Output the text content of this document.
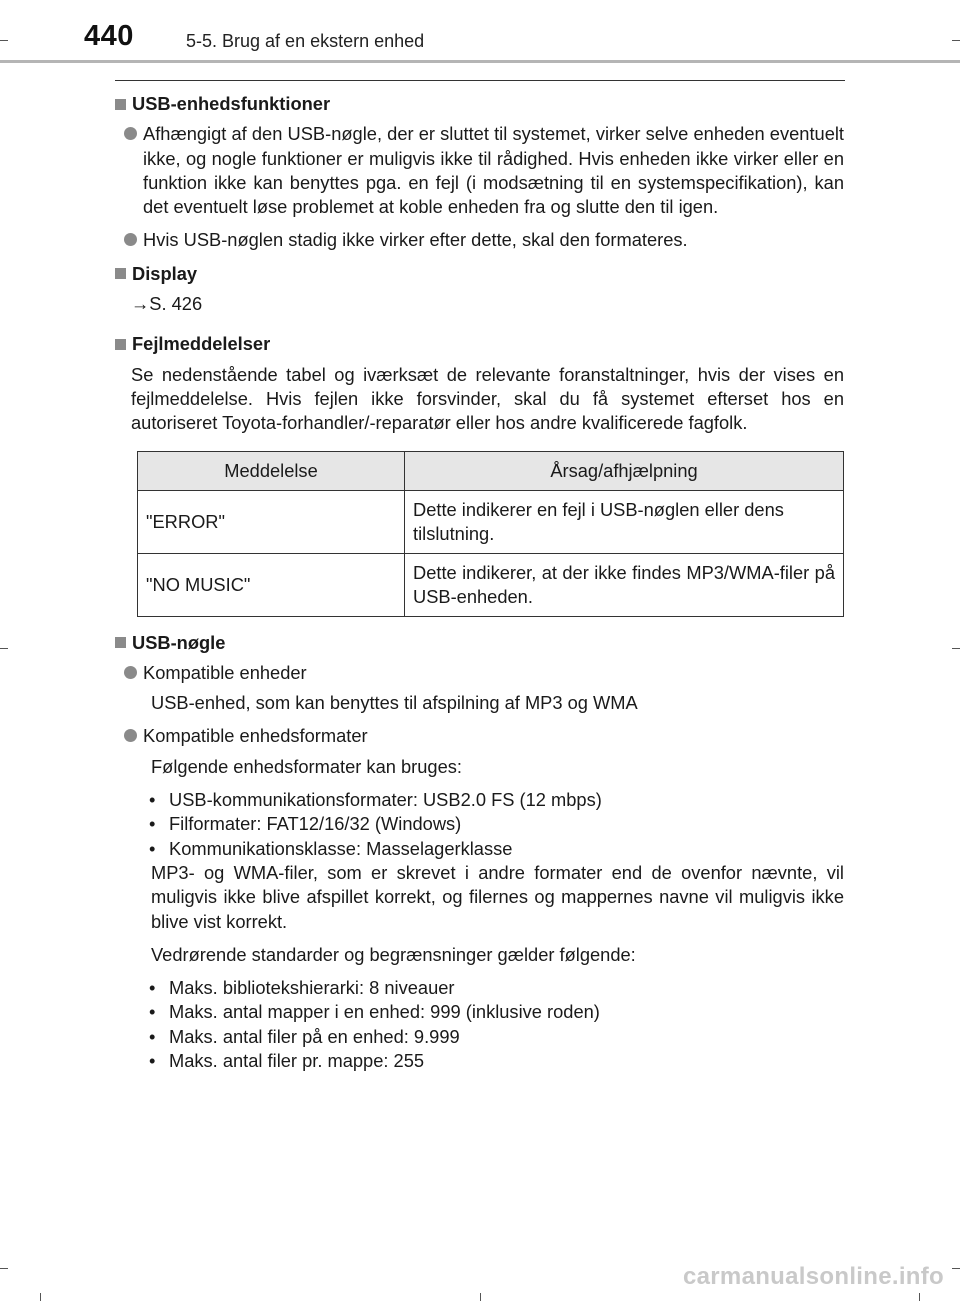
440	5-5. Brug af en ekstern enhed
USB-enhedsfunktioner
Afhængigt af den USB-nøgle, der er sluttet til systemet, virker selve enheden eventuelt ikke, og nogle funktioner er muligvis ikke til rådighed. Hvis enheden ikke virker eller en funktion ikke kan benyttes pga. en fejl (i modsætning til en systemspecifikation), kan det eventuelt løse problemet at koble enheden fra og slutte den til igen.
Hvis USB-nøglen stadig ikke virker efter dette, skal den formateres.
Display
→S. 426
Fejlmeddelelser
Se nedenstående tabel og iværksæt de relevante foranstaltninger, hvis der vises en fejlmeddelelse. Hvis fejlen ikke forsvinder, skal du få systemet efterset hos en autoriseret Toyota-forhandler/-reparatør eller hos andre kvalificerede fagfolk.
Meddelelse	Årsag/afhjælpning
"ERROR"	Dette indikerer en fejl i USB-nøglen eller dens tilslutning.
"NO MUSIC"	Dette indikerer, at der ikke findes MP3/WMA-filer på USB-enheden.
USB-nøgle
Kompatible enheder
USB-enhed, som kan benyttes til afspilning af MP3 og WMA
Kompatible enhedsformater
Følgende enhedsformater kan bruges:
• USB-kommunikationsformater: USB2.0 FS (12 mbps)
• Filformater: FAT12/16/32 (Windows)
• Kommunikationsklasse: Masselagerklasse
MP3- og WMA-filer, som er skrevet i andre formater end de ovenfor nævnte, vil muligvis ikke blive afspillet korrekt, og filernes og mappernes navne vil muligvis ikke blive vist korrekt.
Vedrørende standarder og begrænsninger gælder følgende:
• Maks. bibliotekshierarki: 8 niveauer
• Maks. antal mapper i en enhed: 999 (inklusive roden)
• Maks. antal filer på en enhed: 9.999
• Maks. antal filer pr. mappe: 255
carmanualsonline.info
